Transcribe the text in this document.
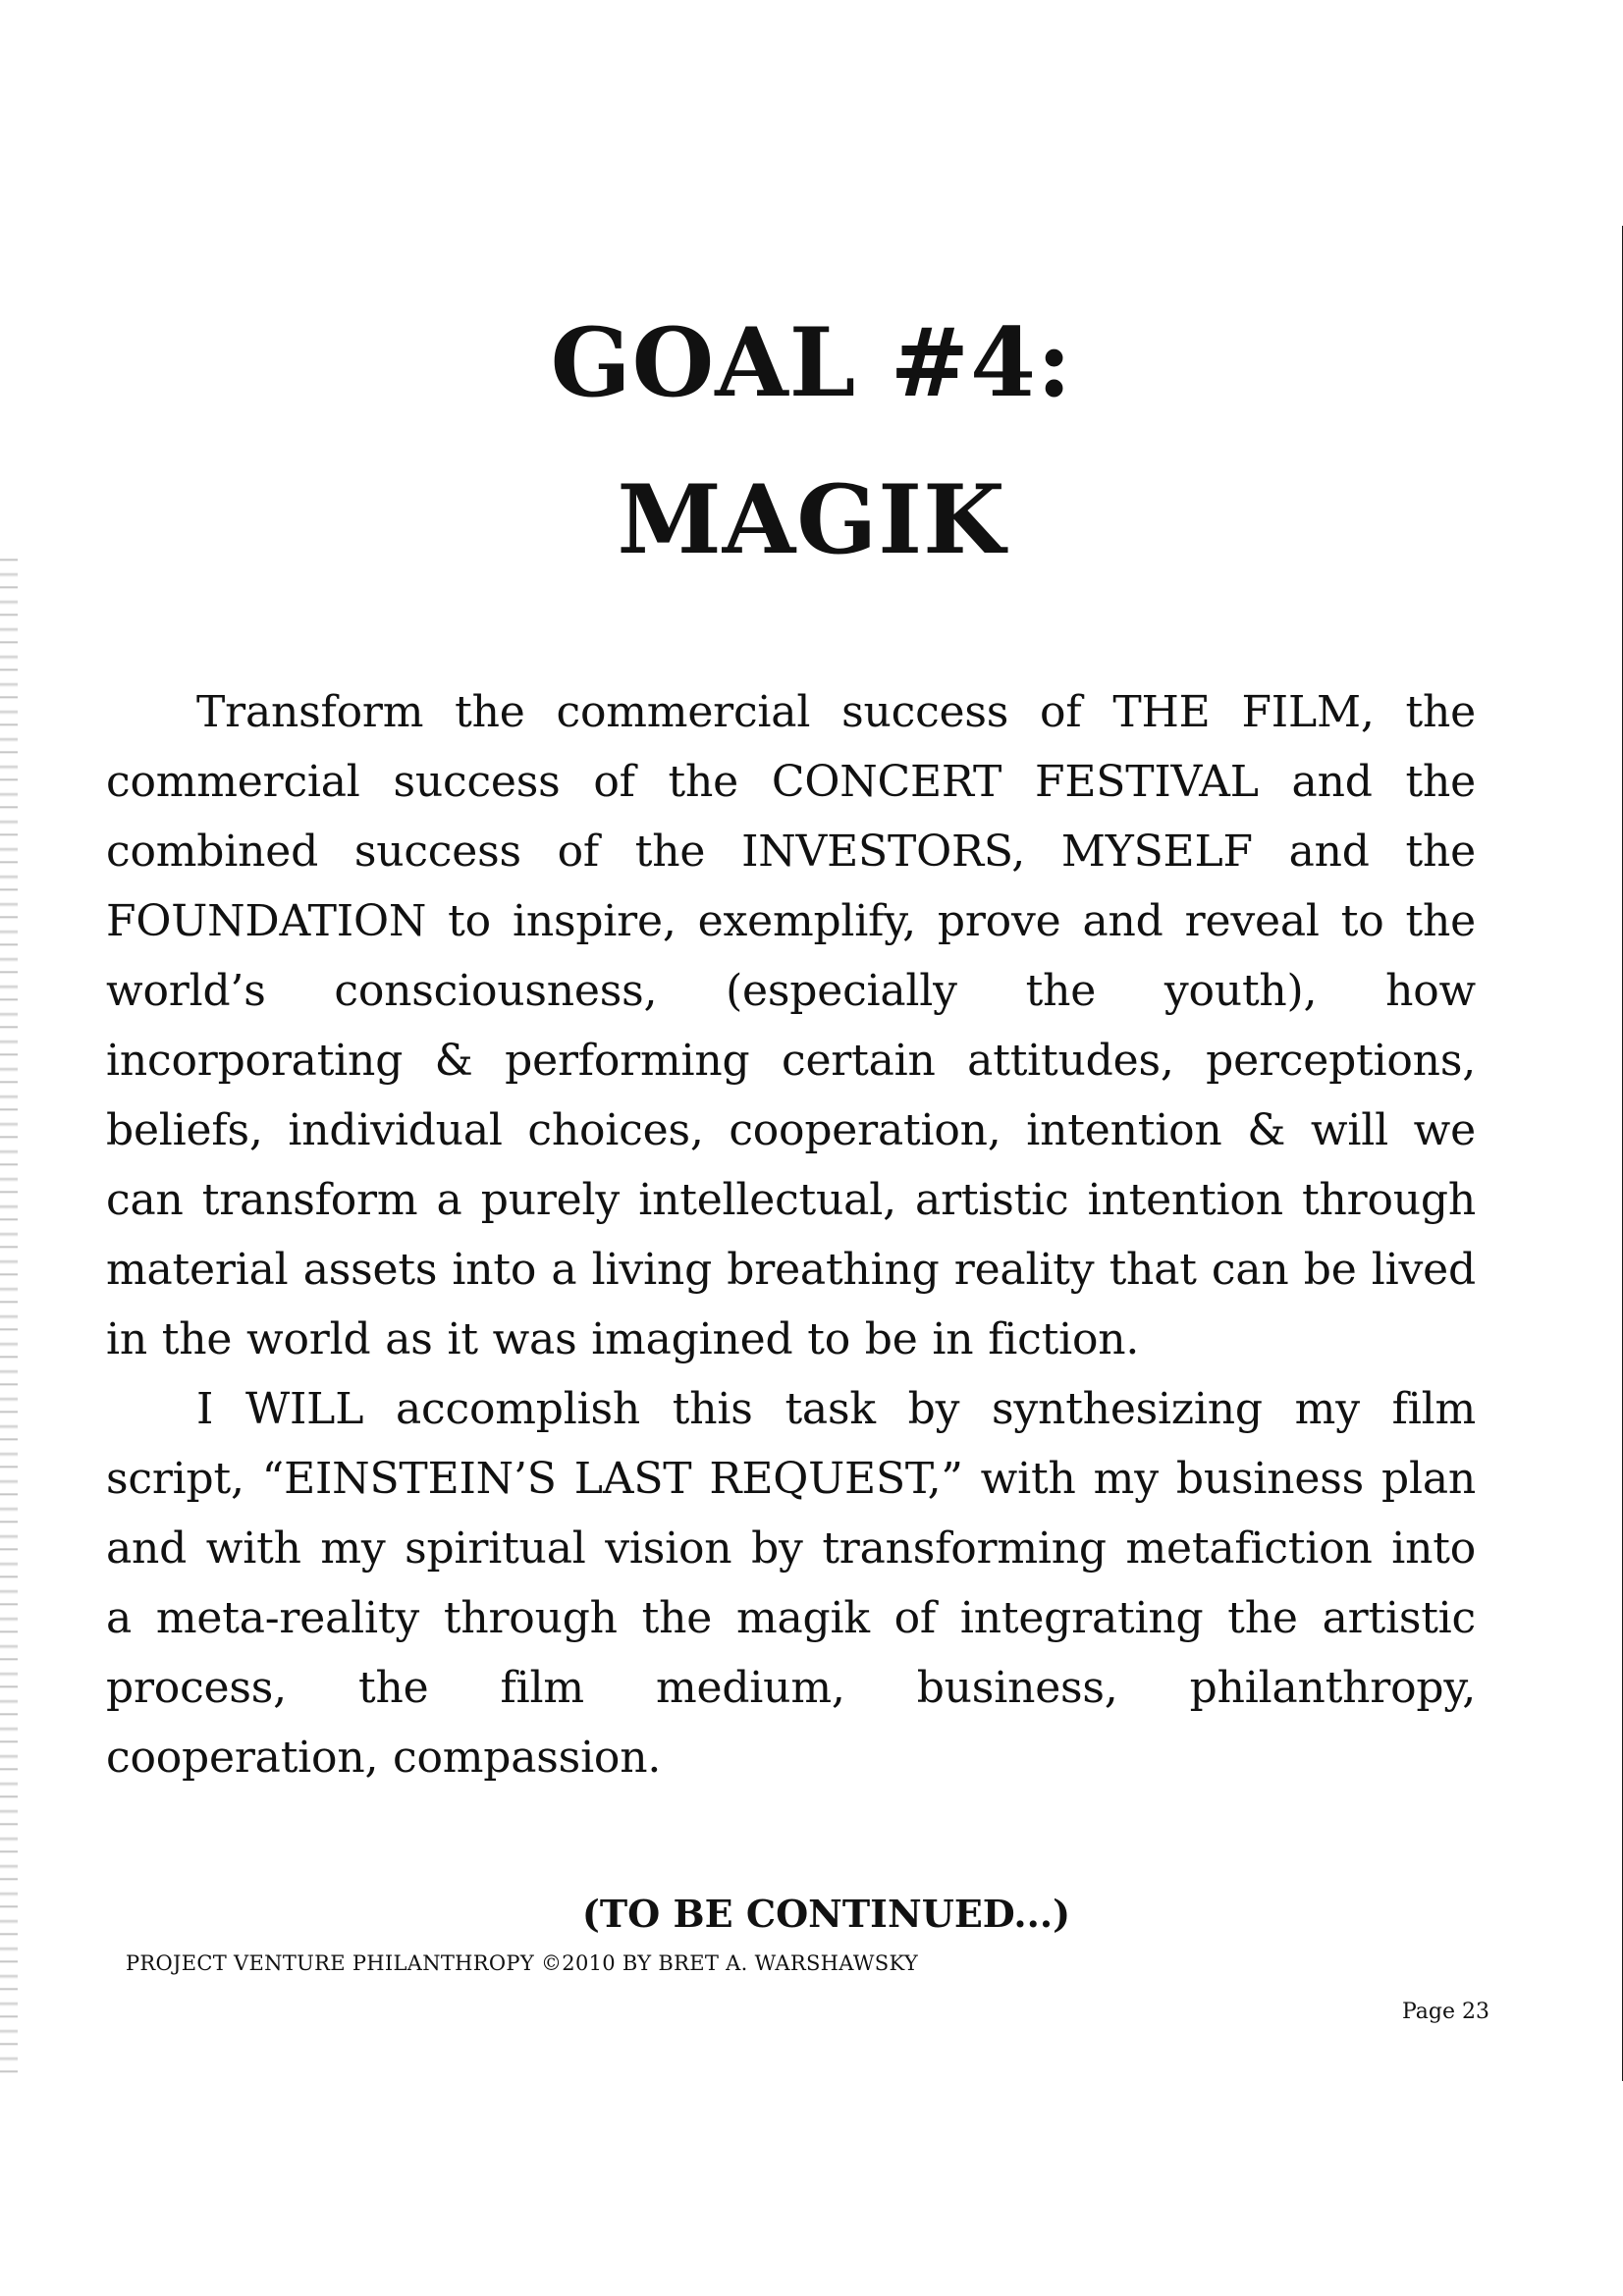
GOAL #4:
MAGIK

Transform the commercial success of THE FILM, the commercial success of the CONCERT FESTIVAL and the combined success of the INVESTORS, MYSELF and the FOUNDATION to inspire, exemplify, prove and reveal to the world’s consciousness, (especially the youth), how incorporating & performing certain attitudes, perceptions, beliefs, individual choices, cooperation, intention & will we can transform a purely intellectual, artistic intention through material assets into a living breathing reality that can be lived in the world as it was imagined to be in fiction.

I WILL accomplish this task by synthesizing my film script, “EINSTEIN’S LAST REQUEST,” with my business plan and with my spiritual vision by transforming metafiction into a meta-reality through the magik of integrating the artistic process, the film medium, business, philanthropy, cooperation, compassion.

(TO BE CONTINUED...)
PROJECT VENTURE PHILANTHROPY ©2010 BY BRET A. WARSHAWSKY
Page 23
